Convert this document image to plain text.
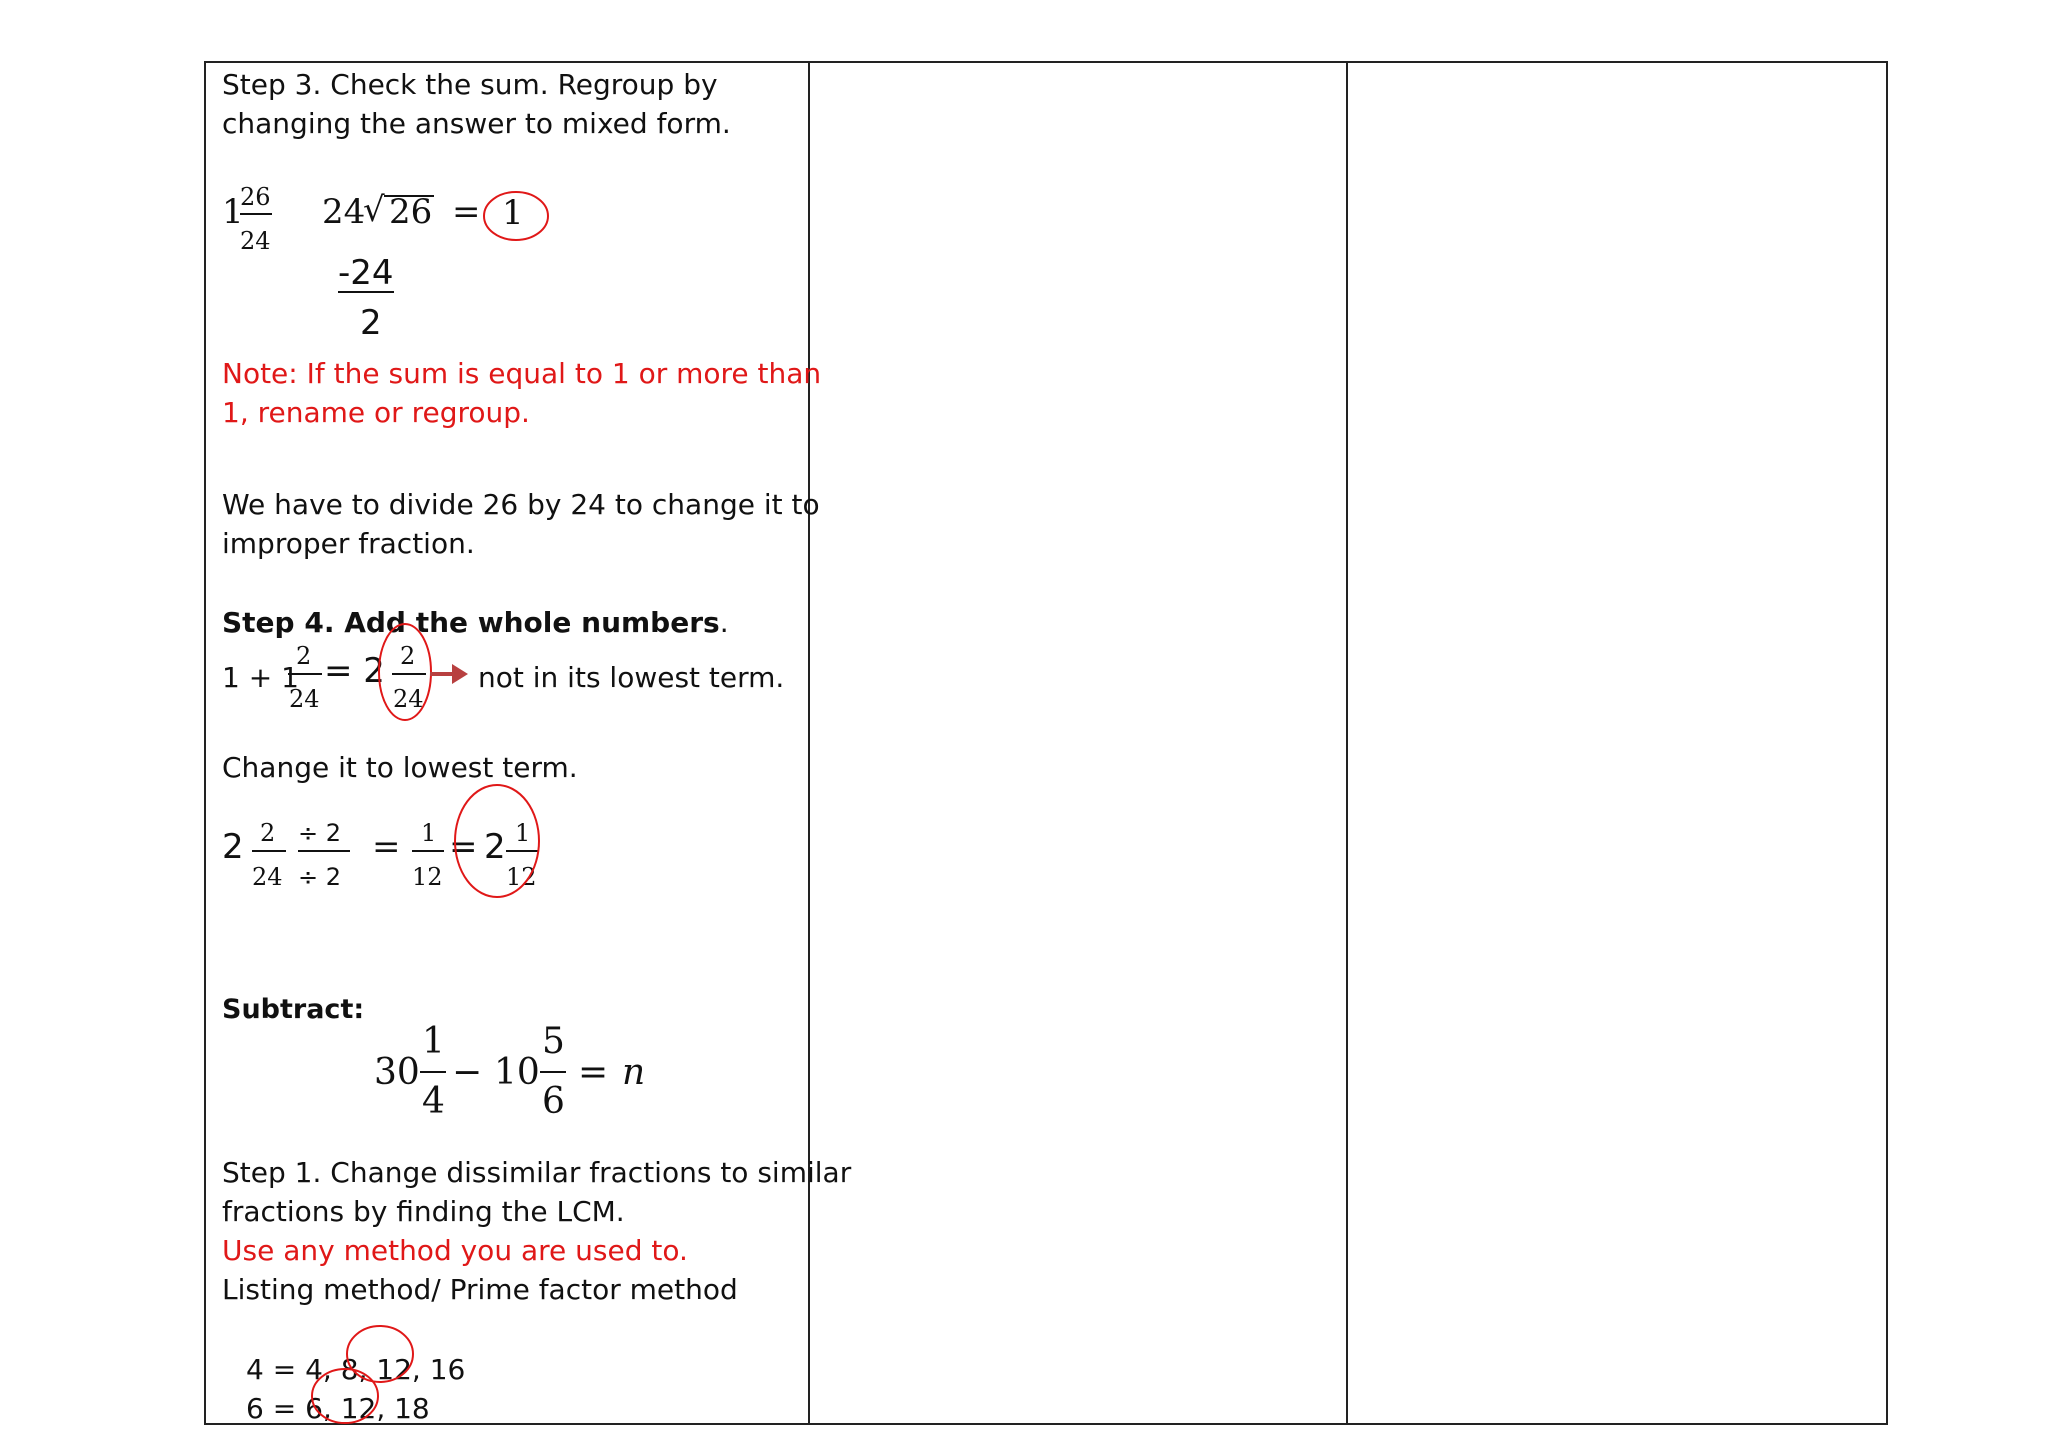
Step 3. Check the sum. Regroup by
changing the answer to mixed form.
1
26
24
24
√ 26 = 1
-24
2
Note: If the sum is equal to 1 or more than
1, rename or regroup.
We have to divide 26 by 24 to change it to
improper fraction.
Step 4. Add the whole numbers.
1 + 1
2
24
= 2 2
24
not in its lowest term.
Change it to lowest term.
2 2
24
÷ 2
÷ 2
= 1
12
= 2 1
12
Subtract:
30
1
4
− 10
5
6
= n
Step 1. Change dissimilar fractions to similar
fractions by finding the LCM.
Use any method you are used to.
Listing method/ Prime factor method
4 = 4, 8, 12, 16
6 = 6, 12, 18
